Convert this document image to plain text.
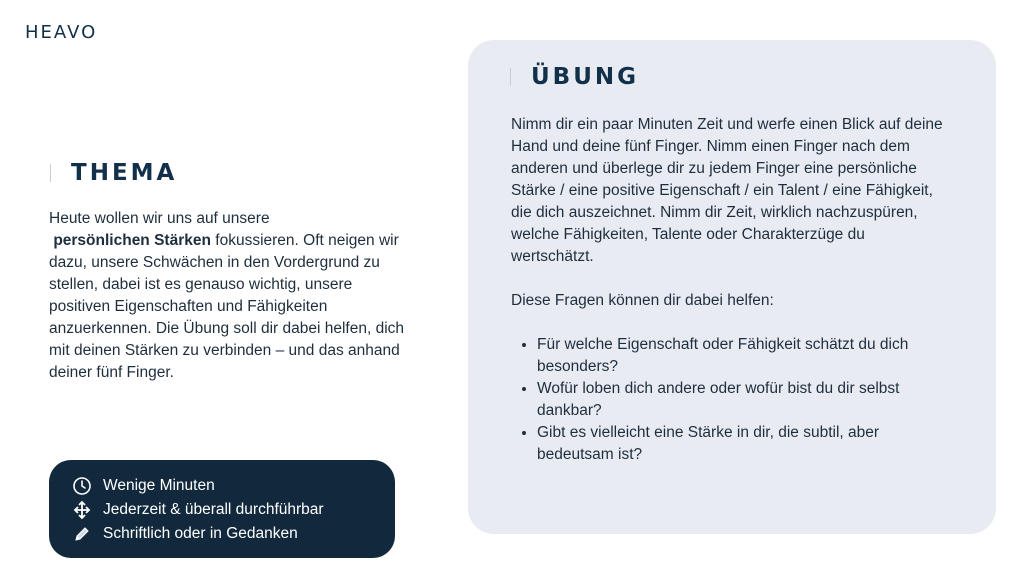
HEAVO
THEMA
Heute wollen wir uns auf unsere
persönlichen Stärken fokussieren. Oft neigen wir dazu, unsere Schwächen in den Vordergrund zu stellen, dabei ist es genauso wichtig, unsere positiven Eigenschaften und Fähigkeiten anzuerkennen. Die Übung soll dir dabei helfen, dich mit deinen Stärken zu verbinden – und das anhand deiner fünf Finger.
Wenige Minuten
Jederzeit & überall durchführbar
Schriftlich oder in Gedanken
ÜBUNG

Nimm dir ein paar Minuten Zeit und werfe einen Blick auf deine Hand und deine fünf Finger. Nimm einen Finger nach dem anderen und überlege dir zu jedem Finger eine persönliche Stärke / eine positive Eigenschaft / ein Talent / eine Fähigkeit, die dich auszeichnet. Nimm dir Zeit, wirklich nachzuspüren, welche Fähigkeiten, Talente oder Charakterzüge du wertschätzt.

Diese Fragen können dir dabei helfen:

• Für welche Eigenschaft oder Fähigkeit schätzt du dich besonders?
• Wofür loben dich andere oder wofür bist du dir selbst dankbar?
• Gibt es vielleicht eine Stärke in dir, die subtil, aber bedeutsam ist?
